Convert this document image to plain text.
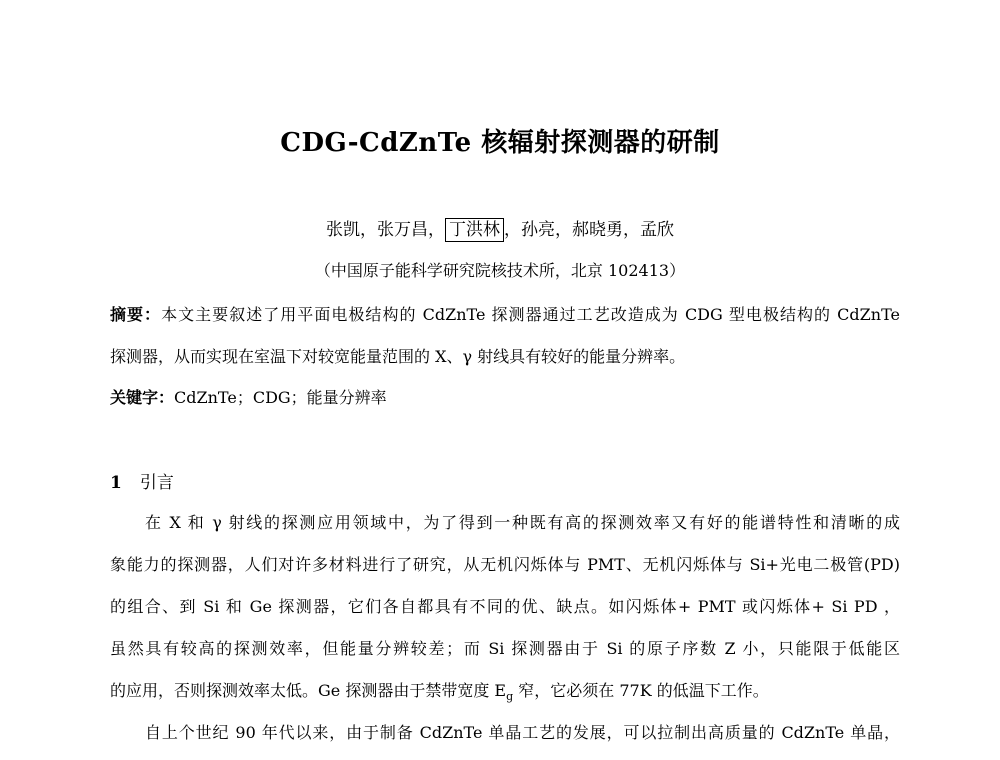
CDG-CdZnTe 核辐射探测器的研制
张凯，张万昌， 丁洪林 ，孙亮，郝晓勇，孟欣
（中国原子能科学研究院核技术所，北京 102413）
摘要：本文主要叙述了用平面电极结构的 CdZnTe 探测器通过工艺改造成为 CDG 型电极结构的 CdZnTe
探测器，从而实现在室温下对较宽能量范围的 X、γ 射线具有较好的能量分辨率。
关键字：CdZnTe；CDG；能量分辨率
1 引言
在 X 和 γ 射线的探测应用领域中，为了得到一种既有高的探测效率又有好的能谱特性和清晰的成
象能力的探测器，人们对许多材料进行了研究，从无机闪烁体与 PMT、无机闪烁体与 Si+光电二极管(PD)
的组合、到 Si 和 Ge 探测器，它们各自都具有不同的优、缺点。如闪烁体+ PMT 或闪烁体+ Si PD ，
虽然具有较高的探测效率，但能量分辨较差；而 Si 探测器由于 Si 的原子序数 Z 小，只能限于低能区
的应用，否则探测效率太低。Ge 探测器由于禁带宽度 $E_g$ 窄，它必须在 77K 的低温下工作。
自上个世纪 90 年代以来，由于制备 CdZnTe 单晶工艺的发展，可以拉制出高质量的 CdZnTe 单晶，
